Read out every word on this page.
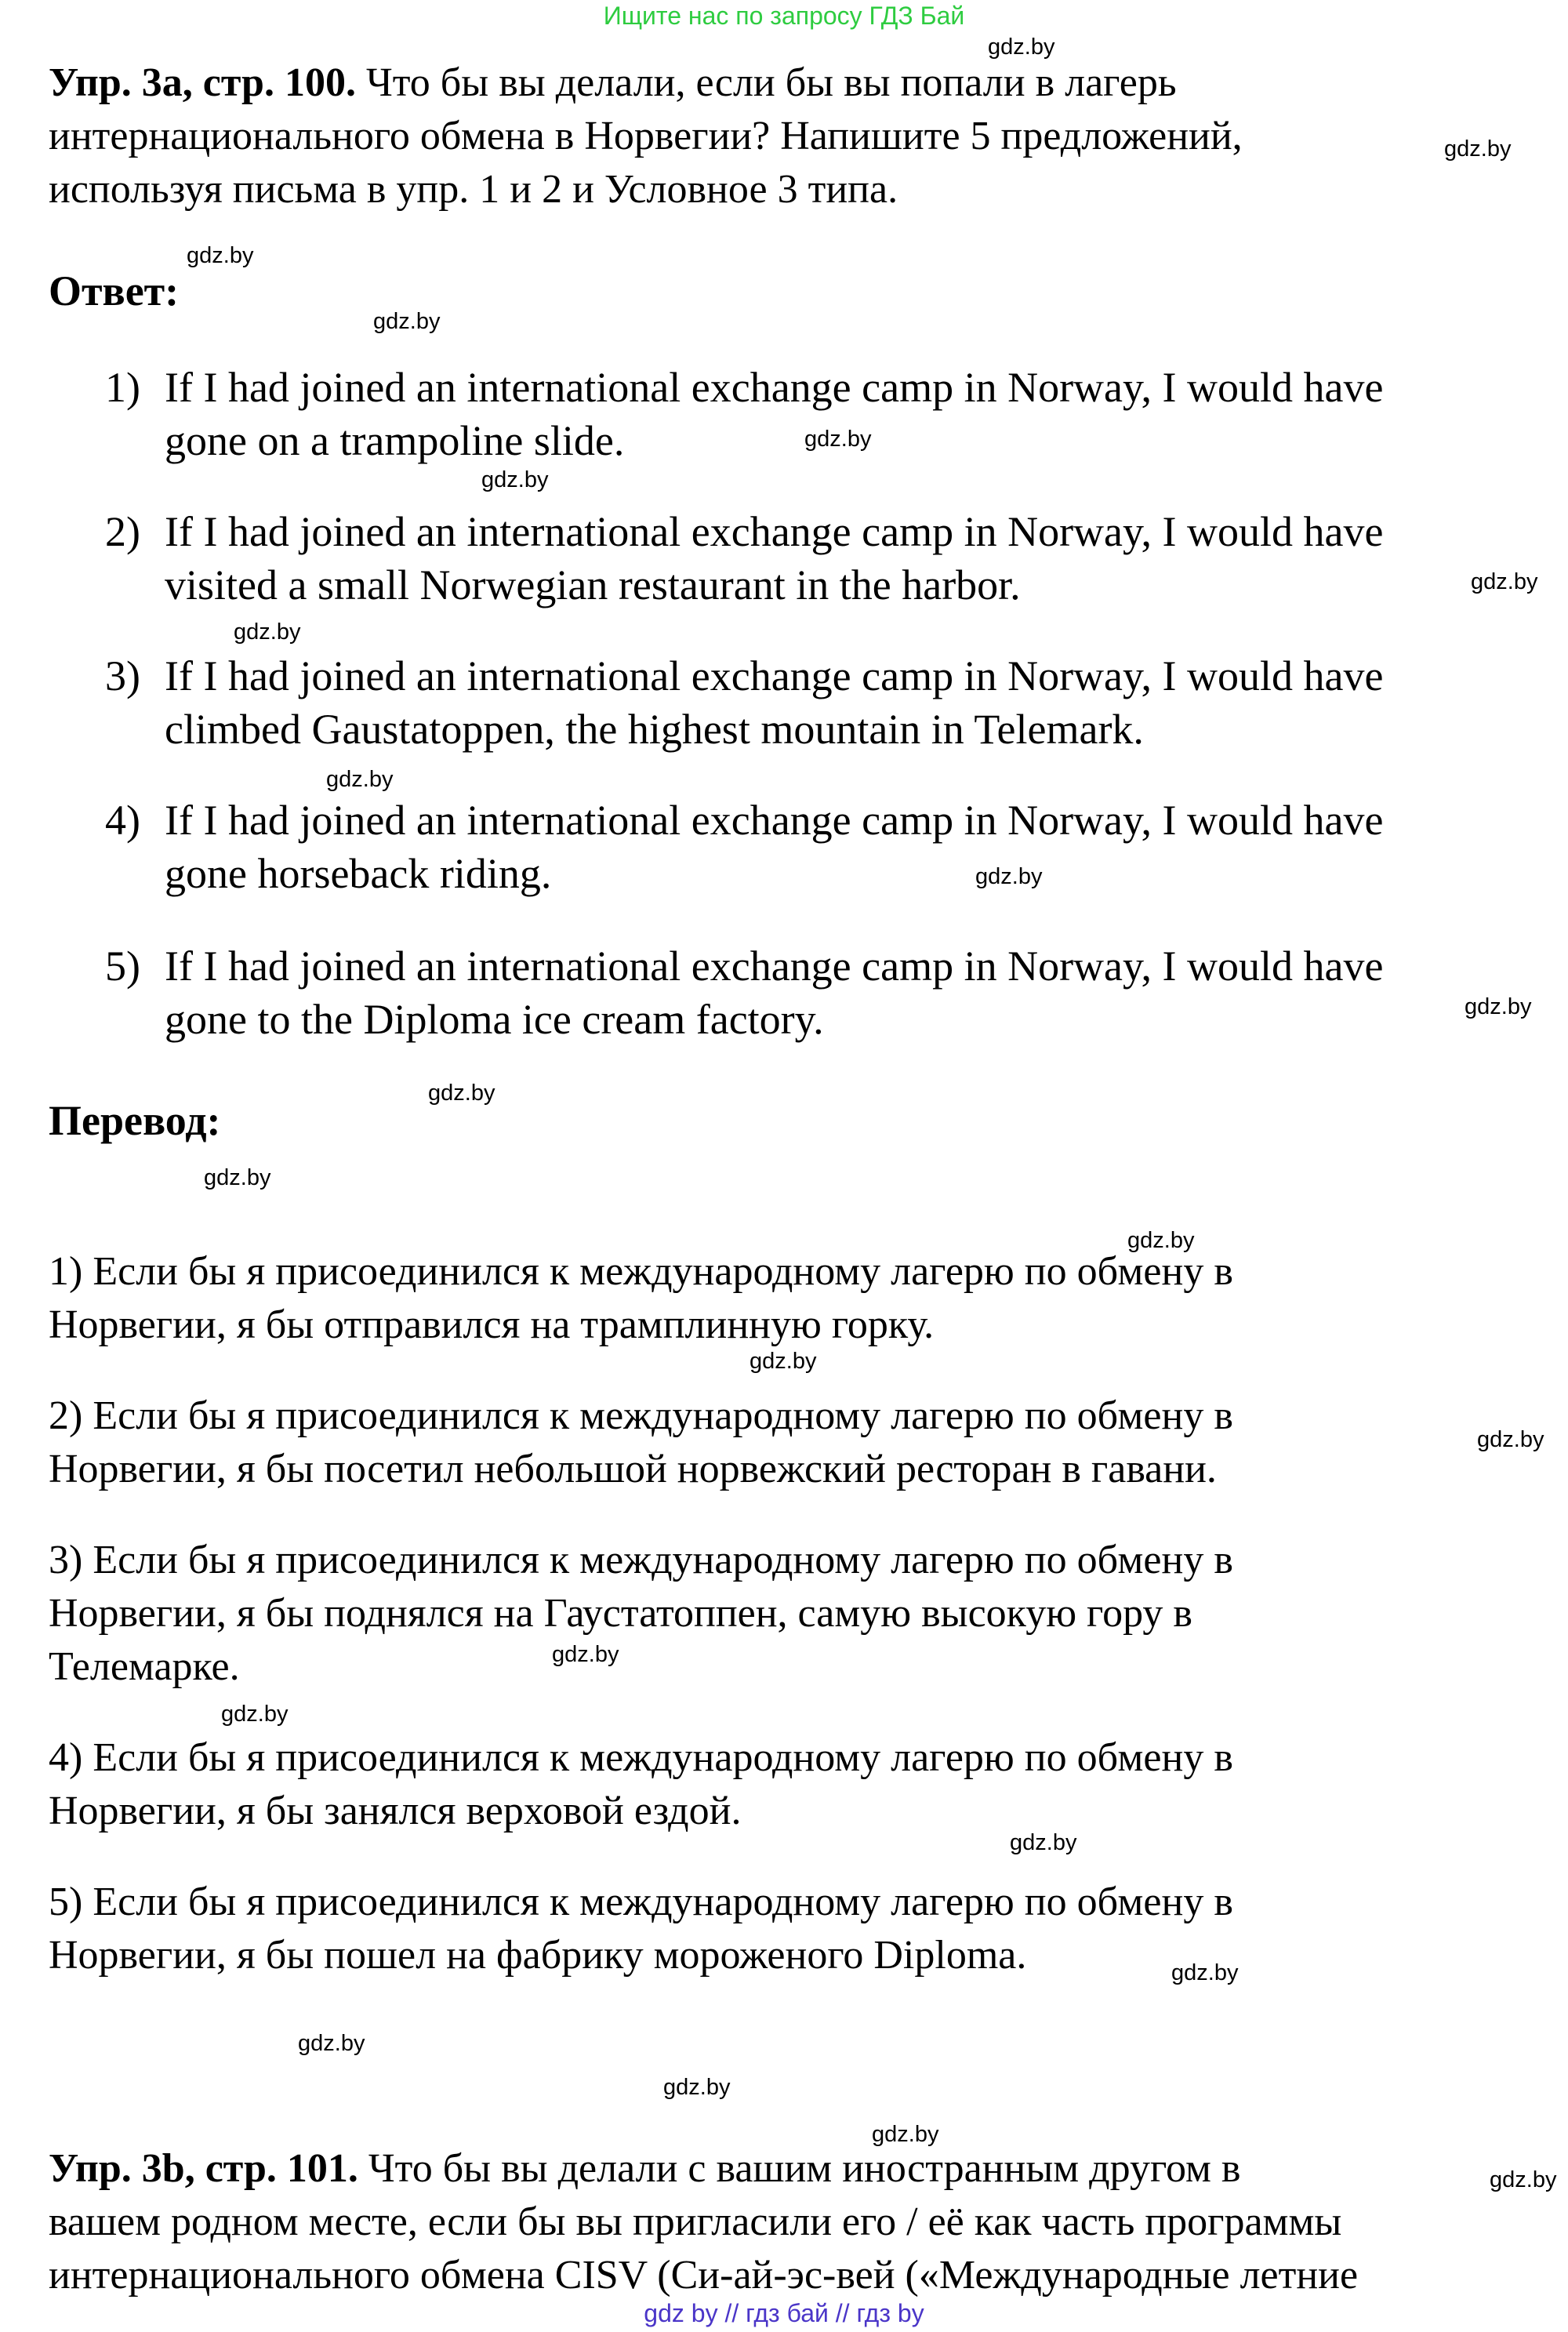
Ищите нас по запросу ГДЗ Бай
gdz.by
gdz.by
gdz.by
gdz.by
gdz.by
gdz.by
gdz.by
gdz.by
gdz.by
gdz.by
gdz.by
gdz.by
gdz.by
gdz.by
gdz.by
gdz.by
gdz.by
gdz.by
gdz.by
gdz.by
gdz.by
gdz.by
gdz.by
gdz.by
Упр. 3a, стр. 100. Что бы вы делали, если бы вы попали в лагерь
интернационального обмена в Норвегии? Напишите 5 предложений,
используя письма в упр. 1 и 2 и Условное 3 типа.
Ответ:
1) If I had joined an international exchange camp in Norway, I would have
gone on a trampoline slide.
2) If I had joined an international exchange camp in Norway, I would have
visited a small Norwegian restaurant in the harbor.
3) If I had joined an international exchange camp in Norway, I would have
climbed Gaustatoppen, the highest mountain in Telemark.
4) If I had joined an international exchange camp in Norway, I would have
gone horseback riding.
5) If I had joined an international exchange camp in Norway, I would have
gone to the Diploma ice cream factory.
Перевод:
1) Если бы я присоединился к международному лагерю по обмену в
Норвегии, я бы отправился на трамплинную горку.
2) Если бы я присоединился к международному лагерю по обмену в
Норвегии, я бы посетил небольшой норвежский ресторан в гавани.
3) Если бы я присоединился к международному лагерю по обмену в
Норвегии, я бы поднялся на Гаустатоппен, самую высокую гору в
Телемарке.
4) Если бы я присоединился к международному лагерю по обмену в
Норвегии, я бы занялся верховой ездой.
5) Если бы я присоединился к международному лагерю по обмену в
Норвегии, я бы пошел на фабрику мороженого Diploma.
Упр. 3b, стр. 101. Что бы вы делали с вашим иностранным другом в
вашем родном месте, если бы вы пригласили его / её как часть программы
интернационального обмена CISV (Си-ай-эс-вей («Международные летние
gdz by // гдз бай // гдз by
